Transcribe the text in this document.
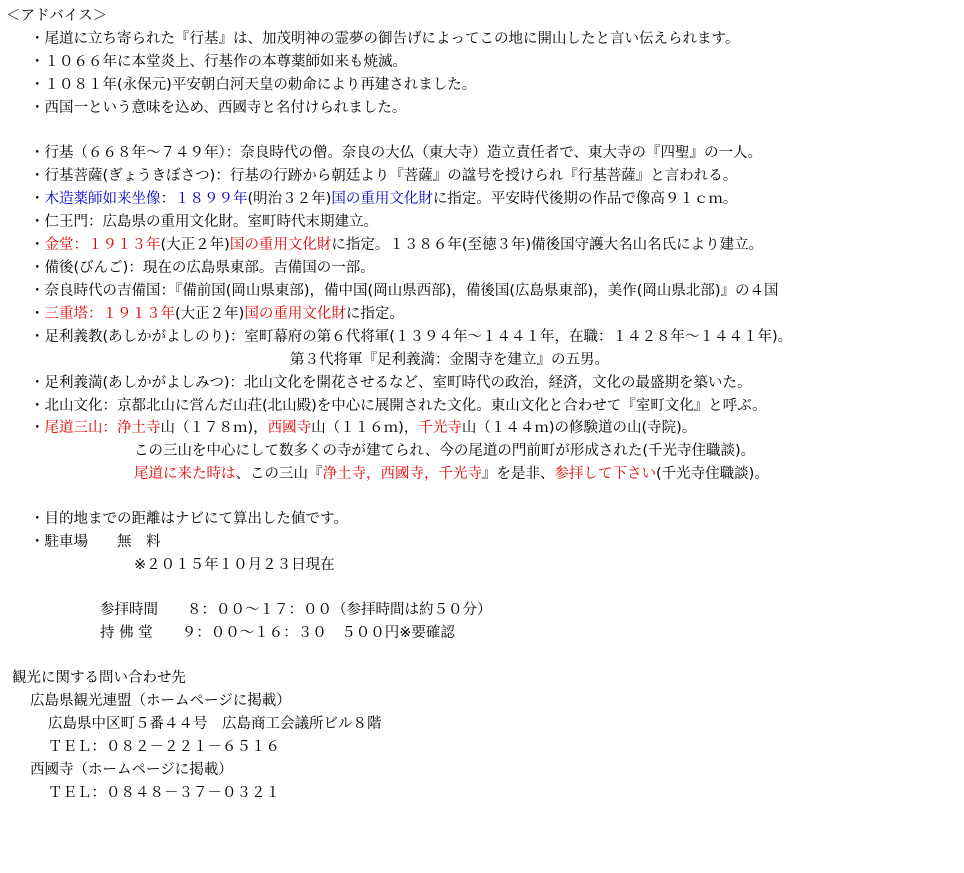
＜アドバイス＞
・尾道に立ち寄られた『行基』は、加茂明神の霊夢の御告げによってこの地に開山したと言い伝えられます。
・１０６６年に本堂炎上、行基作の本尊薬師如来も焼滅。
・１０８１年(永保元)平安朝白河天皇の勅命により再建されました。
・西国一という意味を込め、西國寺と名付けられました。
・行基（６６８年～７４９年）：奈良時代の僧。奈良の大仏（東大寺）造立責任者で、東大寺の『四聖』の一人。
・行基菩薩(ぎょうきぼさつ)：行基の行跡から朝廷より『菩薩』の諡号を授けられ『行基菩薩』と言われる。
・木造薬師如来坐像：１８９９年(明治３２年)国の重用文化財に指定。平安時代後期の作品で像高９１ｃｍ。
・仁王門：広島県の重用文化財。室町時代末期建立。
・金堂：１９１３年(大正２年)国の重用文化財に指定。１３８６年(至徳３年)備後国守護大名山名氏により建立。
・備後(びんご)：現在の広島県東部。吉備国の一部。
・奈良時代の吉備国：『備前国(岡山県東部)，備中国(岡山県西部)，備後国(広島県東部)，美作(岡山県北部)』の４国
・三重塔：１９１３年(大正２年)国の重用文化財に指定。
・足利義教(あしかがよしのり)：室町幕府の第６代将軍(１３９４年～１４４１年，在職：１４２８年～１４４１年)。
第３代将軍『足利義満：金閣寺を建立』の五男。
・足利義満(あしかがよしみつ)：北山文化を開花させるなど、室町時代の政治，経済，文化の最盛期を築いた。
・北山文化：京都北山に営んだ山荘(北山殿)を中心に展開された文化。東山文化と合わせて『室町文化』と呼ぶ。
・尾道三山：浄土寺山（１７８ｍ)，西國寺山（１１６ｍ)，千光寺山（１４４ｍ)の修験道の山(寺院)。
この三山を中心にして数多くの寺が建てられ、今の尾道の門前町が形成された(千光寺住職談)。
尾道に来た時は、この三山『浄土寺，西國寺，千光寺』を是非、参拝して下さい(千光寺住職談)。
・目的地までの距離はナビにて算出した値です。
・駐車場　　無　料
※２０１５年１０月２３日現在
参拝時間　　８：００～１７：００（参拝時間は約５０分）
持 佛 堂　　９：００～１６：３０　５００円※要確認
観光に関する問い合わせ先
広島県観光連盟（ホームページに掲載）
広島県中区町５番４４号　広島商工会議所ビル８階
ＴＥＬ：０８２－２２１－６５１６
西國寺（ホームページに掲載）
ＴＥＬ：０８４８－３７－０３２１
